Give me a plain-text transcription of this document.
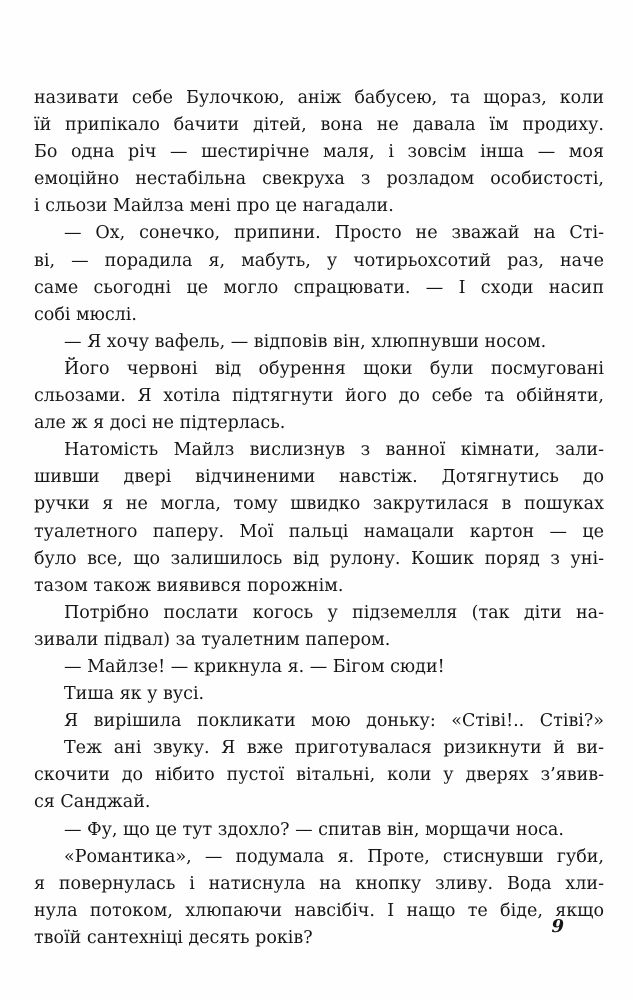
називати себе Булочкою, аніж бабусею, та щораз, коли
їй припікало бачити дітей, вона не давала їм продиху.
Бо одна річ — шестирічне маля, і зовсім інша — моя
емоційно нестабільна свекруха з розладом особистості,
і сльози Майлза мені про це нагадали.
— Ох, сонечко, припини. Просто не зважай на Сті-
ві, — порадила я, мабуть, у чотирьохсотий раз, наче
саме сьогодні це могло спрацювати. — І сходи насип
собі мюслі.
— Я хочу вафель, — відповів він, хлюпнувши носом.
Його червоні від обурення щоки були посмуговані
сльозами. Я хотіла підтягнути його до себе та обійняти,
але ж я досі не підтерлась.
Натомість Майлз вислизнув з ванної кімнати, зали-
шивши двері відчиненими навстіж. Дотягнутись до
ручки я не могла, тому швидко закрутилася в пошуках
туалетного паперу. Мої пальці намацали картон — це
було все, що залишилось від рулону. Кошик поряд з уні-
тазом також виявився порожнім.
Потрібно послати когось у підземелля (так діти на-
зивали підвал) за туалетним папером.
— Майлзе! — крикнула я. — Бігом сюди!
Тиша як у вусі.
Я вирішила покликати мою доньку: «Стіві!.. Стіві?»
Теж ані звуку. Я вже приготувалася ризикнути й ви-
скочити до нібито пустої вітальні, коли у дверях з’явив-
ся Санджай.
— Фу, що це тут здохло? — спитав він, морщачи носа.
«Романтика», — подумала я. Проте, стиснувши губи,
я повернулась і натиснула на кнопку зливу. Вода хли-
нула потоком, хлюпаючи навсібіч. І нащо те біде, якщо
твоїй сантехніці десять років?
9
